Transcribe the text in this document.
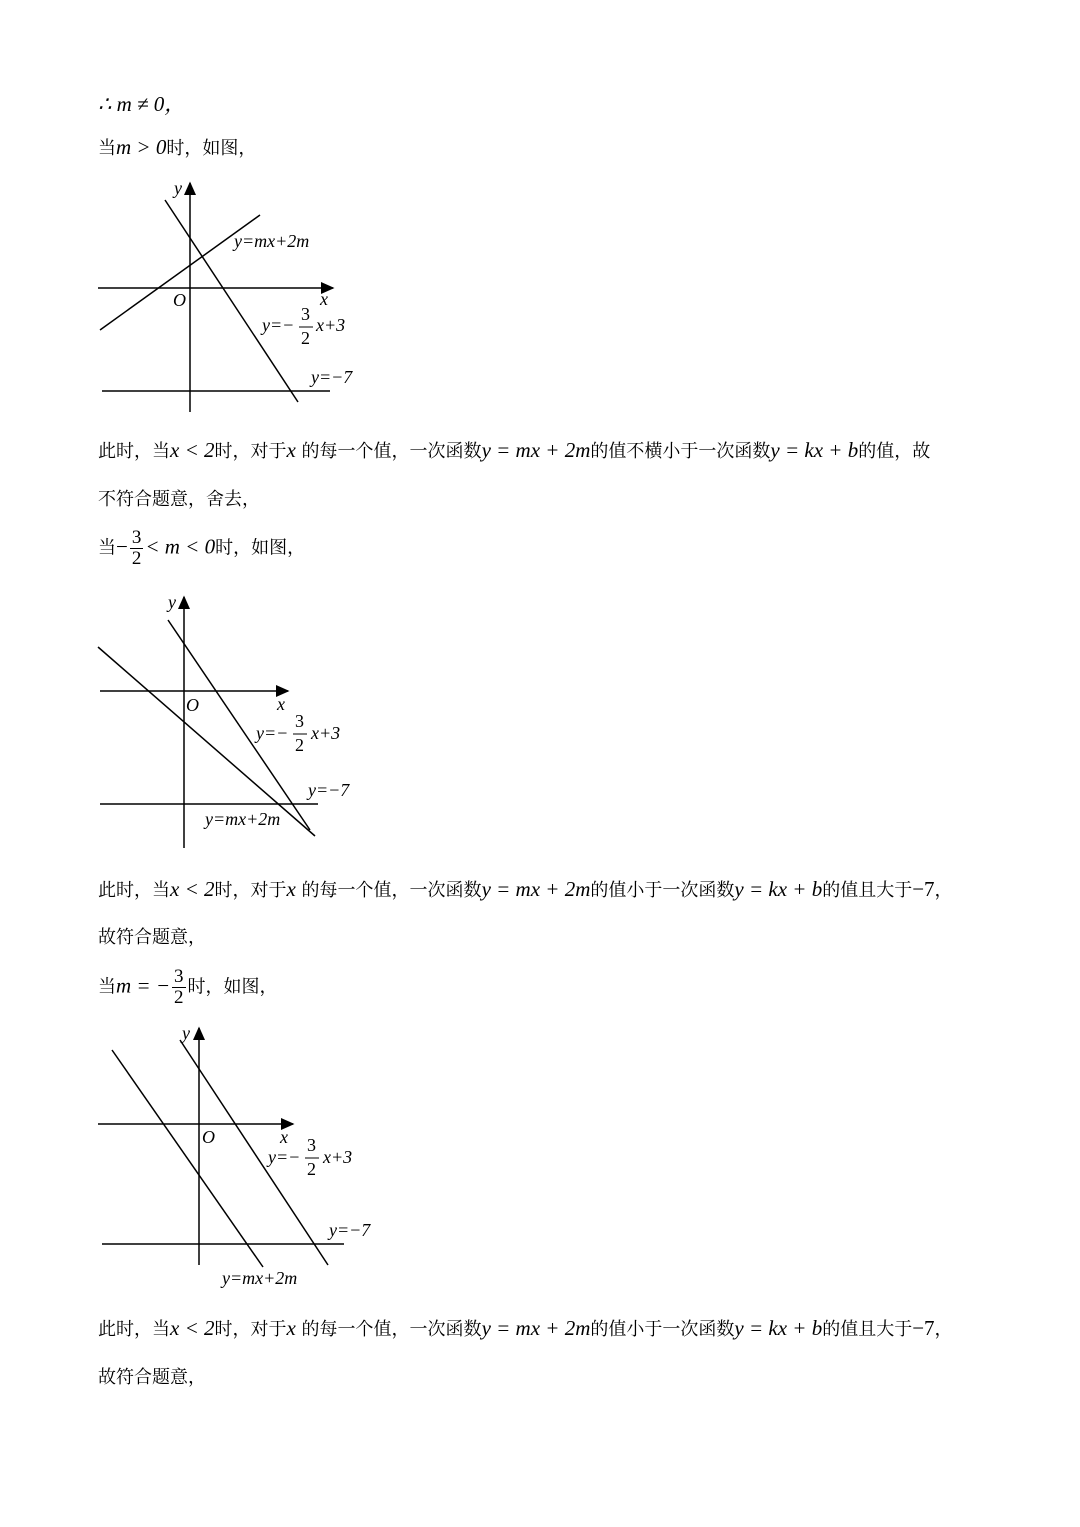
∴ m ≠ 0，
当m > 0时，如图，
y
x
O
y=mx+2m
y=−
3
2
x+3
y=−7
此时，当x < 2时，对于x 的每一个值，一次函数y = mx + 2m的值不横小于一次函数y = kx + b的值，故
不符合题意，舍去，
当− $\frac{3}{2} < m < 0$时，如图，
y
x
O
y=−
3
2
x+3
y=−7
y=mx+2m
此时，当x < 2时，对于x 的每一个值，一次函数y = mx + 2m的值小于一次函数y = kx + b的值且大于−7，
故符合题意，
当m = − $\frac{3}{2}$ 时，如图，
y
x
O
y=−
3
2
x+3
y=−7
y=mx+2m
此时，当x < 2时，对于x 的每一个值，一次函数y = mx + 2m的值小于一次函数y = kx + b的值且大于−7，
故符合题意，
